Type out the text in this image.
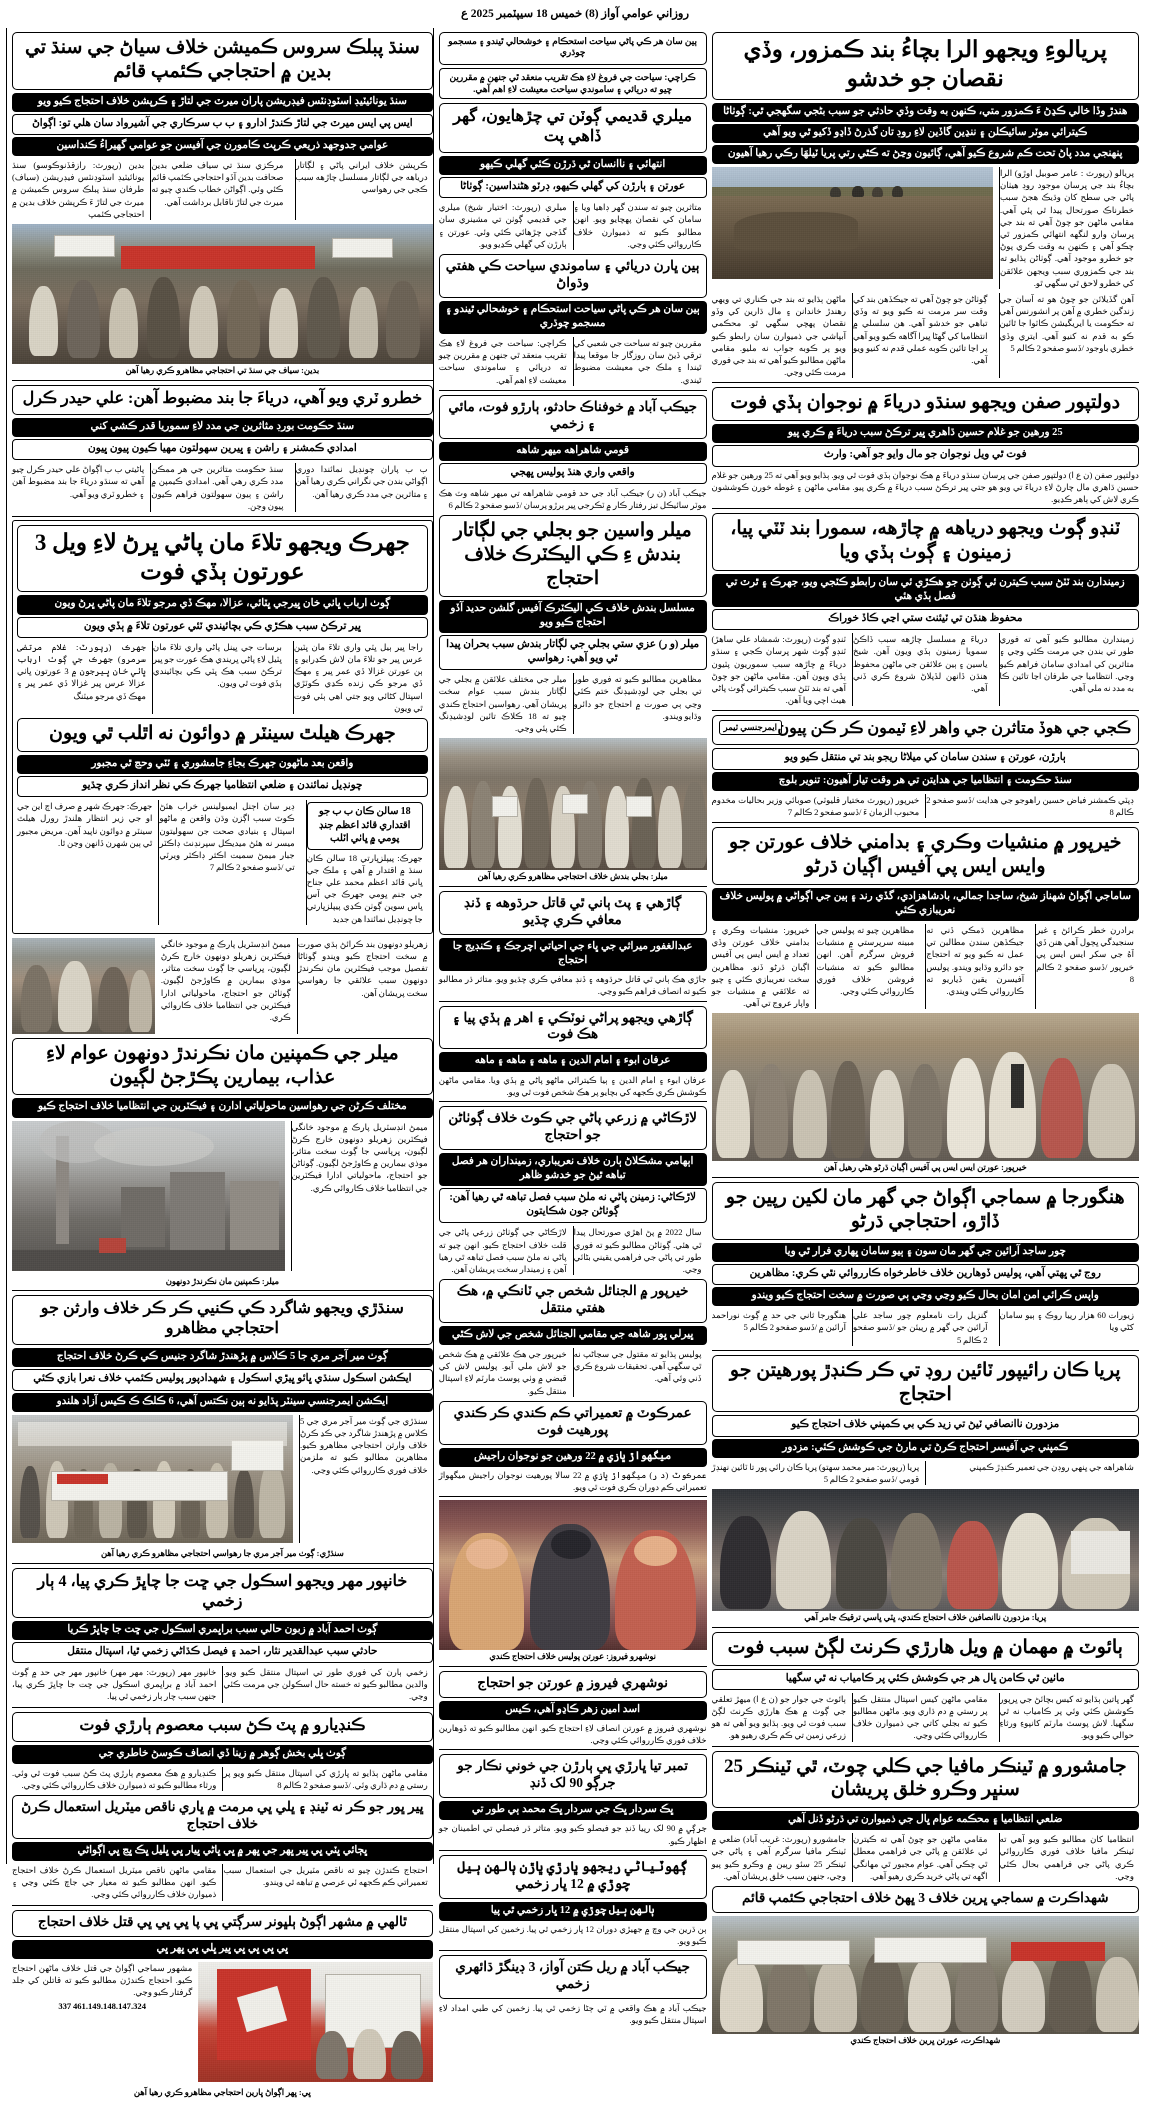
روزاني عوامي آواز (8) خميس 18 سيپٽمبر 2025 ع
سنڌ پبلڪ سروس ڪميشن خلاف سياڻ جي سنڌ تي بدين ۾ احتجاجي ڪئمپ قائم
سنڌ يونائيٽيڊ اسٽوڊنٽس فيڊريشن پاران ميرٽ جي لتاڙ ۽ ڪرپشن خلاف احتجاج ڪيو ويو
ايس پي ايس ميرٽ جي لتاڙ ڪندڙ ادارو ۽ ب ب سرڪاري جي آشيرواد سان هلي تو: اڳواڻ
عوامي جدوجهد ذريعي ڪرپٽ ڪامورن جي آفيسن جو عوامي گهيراءُ ڪنداسين
بدين (رپورٽ: رازقڏنوڪوسو) سنڌ يونائيٽيڊ اسٽوڊنٽس فيڊريشن (سياف) طرفان سنڌ پبلڪ سروس ڪميشن ۾ ميرٽ جي لتاڙ ءَ ڪرپشن خلاف بدين ۾ احتجاجي ڪئمپ
مرڪزي سنڌ تي سياف ضلعي بدين صحافت بدين آڏو احتجاجي ڪئمپ قائم ڪئي وئي. اڳواڻن خطاب ڪندي چيو ته ميرٽ جي لتاڙ ناقابل برداشت آهي.
ڪرپشن خلاف ايراني پاڻي ۽ لڳاتار درياهه جي لڳاتار مسلسل چاڙهه سبب ڪجي جي رهواسي
بدين: سياف جي سنڌ تي احتجاجي مظاهرو ڪري رهيا آهن
خطرو ٽري ويو آهي، درياءَ جا بند مضبوط آهن: علي حيدر ڪرل
سنڌ حڪومت بورڊ مثاثرين جي مدد لاءِ سموريا قدر ڪشي کني
امدادي ڪمشنر ۽ راشن ۽ ڀيرين سهولتون مهيا ڪيون پيون ڀيون
پاڻيتي ب ب اڳواڻ علي حيدر ڪرل چيو آهي ته سنڌو درياءَ جا بند مضبوط آهن ۽ خطرو ٽري ويو آهي.
سنڌ حڪومت متاثرين جي هر ممڪن مدد ڪري رهي آهي. امدادي ڪيمپن ۾ راشن ۽ ٻيون سهولتون فراهم ڪيون پيون وڃن.
ب ب پاران چونڊيل نمائندا دوري اڳواڻي بندن جي نگراني ڪري رهيا آهن ۽ متاثرين جي مدد ڪري رهيا آهن.
جهرڪ ويجهو تلاءَ مان پاڻي ڀرڻ لاءِ ويل 3 عورتون ٻڏي فوت
ڳوٺ ارباب ڀاٺي خان ڀيرجي ڀٽائي، عزالا، مهڪ ڏي مرجو تلاءَ مان پاڻي ڀرڻ ويون
ڀير ترڪڻ سبب هڪڙي ڪي بچائيندي ٽئي عورتون تلاءَ ۾ ٻڏي ويون
جهرڪ (رپورٽ: غلام مرتضى سرمرو) جهرڪ جي ڳوٺ ارباب ڀاٺي خان ڀيرجون ۾ 3 عورتون ڀاٺي عزالا عرس ڀير غزالا ڏي عمر ڀير ۽ مهڪ ڏي مرجو ميٽنگ
برسات جي ڀينل پاڻي واري تلاءَ مان ڀٽيل لاءِ پاڻي ڀريندي هڪ عورت جو ڀير ترڪڻ سبب هڪ ڀٽي ڪي بچائيندي ٻڏي فوت ٿي ويون.
راجا ڀير ٻيل ڀٽي واري تلاءَ مان ڀٽين عرس ڀير جو تلاءَ مان لاش ڪڍرايو ۽ ٻن عورتن غزالا ڏي عمر ڀير ۽ مهڪ ڏي مرجو ڪي زنده ڪڍي ڪوٽڙي اسپتال کڻائي ويو جتي اهي ٻئي فوت ٿي ويون
جهرڪ هيلٿ سينٽر ۾ دوائون نه اٿلب ٿي ويون
واقعن بعد ماڻهون جهرڪ بجاءِ جامشوري ۽ ٽٽي وحڃ ٿي مجبور
چونڊيل نمائندن ۽ ضلعي انتظاميا جهرڪ ڪي نظر انداز ڪري چڌيو
جهرڪ: جهرڪ شهر ۾ صرف اڄ اين جي او جي زير انتظار هلندڙ رورل هيلٿ سينٽر ۾ دوائون ناپيد آهن. مريض مجبور ٿي ٻين شهرن ڏانهن وڃن ٿا.
ڊير سان اڄنل ايمبولينس خراب هئڻ ڪوٽ سبب اڳزن وڌن واقعن ۾ ماڻهو اسپتال ۽ بنيادي صحت جن سهوليتون ميسر نه هئڻ ميديڪل سپرنڊنٽ ڊاڪٽر جبار ميمڻ سميت اڪثر ڊاڪٽر ويرٽي تي /ڏسو صفحو 2 ڪالم 7
18 سالن ڪان ب ب جو اقتداري قائد اعظم جنڊ پومي ۾ ڀاٺي اٽلب
جهرڪ: پيپلزڀارتي 18 سالن ڪان سنڌ ۾ اقتدار ۾ آهي ۽ ملڪ جي ڀاني قائد اعظم محمد علي جناح جي جنم ڀومي جهرڪ جي آس ڀاس سوين ڳوٺن ڪڍي پيپلزڀارتي جا چونڊيل نمائندا هن جديد

ميمڻ انڊسٽريل پارڪ ۾ موجود خانگي فيڪٽرين زهريلو دونهون خارج ڪرڻ لڳيون، ڀرپاسي جا ڳوٺ سخت متاثر، موذي بيمارين ۾ ڪاوڙجڻ لڳيون. ڳوٺاڻن جو احتجاج، ماحولياتي ادارا فيڪٽرين جي انتظاميا خلاف ڪاروائي ڪري.

زهريلو دونهون بند ڪرائڻ ٻڌي صورت ۾ سخت احتجاج ڪيو ويندو ڳوٺاڻا تفصيل موجب فيڪٽرين مان نڪرندڙ دونهون سبب علائقي جا رهواسي سخت پريشان آهن.
ميلر جي ڪمپنين مان نڪرندڙ دونهون عوام لاءِ عذاب، بيمارين پڪڙجڻ لڳيون
مختلف ڪرڻن جي رهواسين ماحولياتي ادارن ۽ فيڪٽرين جي انتظاميا خلاف احتجاج ڪيو
ميمڻ انڊسٽريل پارڪ ۾ موجود خانگي فيڪٽرين زهريلو دونهون خارج ڪرڻ لڳيون، ڀرپاسي جا ڳوٺ سخت متاثر، موذي بيمارين ۾ ڪاوڙجڻ لڳيون. ڳوٺاڻن جو احتجاج، ماحولياتي ادارا فيڪٽرين جي انتظاميا خلاف ڪاروائي ڪري.
ميلر: ڪمپنين مان نڪرندڙ دونهون
سنڌڙي ويجهو شاگرد ڪي ڪنيي ڪر ڪر خلاف وارثن جو احتجاجي مظاهرو
ڳوٺ مير آجر مري جا 5 ڪلاس ۾ پڙهندڙ شاگرد جنيس ڪي ڪرڻ خلاف احتجاج
ايڪشن اسڪول سنڌي ڀائو ڀيڙي اسڪول ۽ شهدادپور پوليس ڪئمپ خلاف نعرا بازي ڪئي
ايڪشن ايمرجنسي سينٽر پڌايو نه ٻين نڪتس آهي، 6 ڪلڪ ڪ ڪيس آزاد هلندو
سنڌڙي جي ڳوٺ مير آجر مري جي 5 ڪلاس ۾ پڙهندڙ شاگرد جي ڪڍ ڪرڻ خلاف وارثن احتجاجي مظاهرو ڪيو. مظاهرين مطالبو ڪيو ته ملزمن خلاف فوري ڪارروائي ڪئي وڃي.
سنڌڙي: ڳوٺ مير آجر مري جا رهواسي احتجاجي مظاهرو ڪري رهيا آهن
خانپور مهر ويجهو اسڪول جي ڇت جا چاڀڙ ڪري پيا، 4 ٻار زخمي
ڳوٺ احمد آباد ۾ زبون حالي سبب براڀمري اسڪول جي ڇت جا چاڀڙ ڪريا
حادثي سبب عبدالقدير نثار، احمد ۽ فيصل ڪڌاڻي زخمي ٿيا، اسپتال منتقل
خانپور مهر (رپورٽ: مهر مهر) خانپور مهر جي حد ۾ ڳوٺ احمد آباد ۾ براڀمري اسڪول جي ڇت جا چاڀڙ ڪري پيا، جنهن سبب چار ٻار زخمي ٿي پيا.
زخمي ٻارن کي فوري طور تي اسپتال منتقل ڪيو ويو. والدين مطالبو ڪيو ته خسته حال اسڪولن جي مرمت ڪئي وڃي.
ڪنڊيارو ۾ پٽ ڪڻ سبب معصوم ٻارڙي فوت
ڳوٺ ڀلي بخش ڳوهر ۾ زينا ڏي انصاف ڪوسڻ خاطري جي
ڪنڊيارو ۾ هڪ معصوم ٻارڙي پٽ ڪڻ سبب فوت ٿي وئي. ورثاء مطالبو ڪيو ته ذميوارن خلاف ڪارروائي ڪئي وڃي.
مقامي ماڻهن ٻڌايو ته ڀارڙي کي اسپتال منتقل ڪيو ويو پر رستي ۾ دم ڌاري وئي. /ڏسو صفحو 2 ڪالم 8
ڀير ڀور جو ڪر نه ٽينڊ ۽ ڀلي ڀي مرمت ۾ ڀاري ناقص ميٽريل استعمال ڪرڻ خلاف احتجاج
ڀڄائي ڀٽي ڀي ڀير ڀهر جي ڀهر ۾ ڀي ڀاڻي ڀيار ڀي ڀليل ڀڪ ڀڃ ڀي اڳواڻي
مقامي ماڻهن ناقص ميٽريل استعمال ڪرڻ خلاف احتجاج ڪيو. انهن مطالبو ڪيو ته معيار جي جاچ ڪئي وڃي ۽ ذميوارن خلاف ڪارروائي ڪئي وڃي.
احتجاج ڪندڙن چيو ته ناقص مٽيريل جي استعمال سبب تعميراتي ڪم ڪجهه ئي عرصي ۾ تباهه ٿي ويندو.
ٿالهي ۾ مشهر اڳوڻ ٻلڀونر سرڳتي ڀي پا ڀي ڀي ڀي قتل خلاف احتجاج
ڀي ڀي ڀي ڀي ڀير ڀلي ڀي ڀهر ڀي

مشهور سماجي اڳواڻ جي قتل خلاف ماڻهن احتجاج ڪيو. احتجاج ڪندڙن مطالبو ڪيو ته قاتلن کي جلد گرفتار ڪيو وڃي.

461.149.148.147.324 337

ڀي: ڀهر اڳواڻ ڀارين احتجاجي مظاهرو ڪري رهيا آهن
ٻين سان هر ڪي پاڻي سياحت استحڪام ۽ خوشحالي ٿيندو ۽ مسجمو چوڌري
ڪراچي: سياحت جي فروغ لاءِ هڪ تقريب منعقد ٿي جنهن ۾ مقررين چيو ته دريائي ۽ ساموندي سياحت معيشت لاءِ اهم آهي.
ميلري قديمي ڳوٽن تي چڙهايون، گهر ڏاهي پت
انتهائي ۽ ناانسان ٿي ڌرڙن ڪئي گهلي ڪيهو
عورتن ۽ ٻارڙن کي گهلي ڪيهو، ڊرٽو هڻنداسين: ڳوٺاڻا
ميلري (رپورٽ: اختيار شيخ) ميلري جي قديمي ڳوٺن تي مشينري سان گڏجي چڙهائي ڪئي وئي. عورتن ۽ ٻارڙن کي گهلي ڪڍيو ويو.
متاثرين چيو ته سندن گهر ڊاهيا ويا ۽ سامان کي نقصان پهچايو ويو. انهن مطالبو ڪيو ته ذميوارن خلاف ڪارروائي ڪئي وڃي.
ٻين ڀارن دريائي ۽ ساموندي سياحت ڪي هفتي وڌواڻ
ٻين سان هر ڪي پاڻي سياحت استحڪام ۽ خوشحالي ٿيندو ۽ مسجمو چوڌري
ڪراچي: سياحت جي فروغ لاءِ هڪ تقريب منعقد ٿي جنهن ۾ مقررين چيو ته دريائي ۽ ساموندي سياحت معيشت لاءِ اهم آهي.
مقررين چيو ته سياحت جي شعبي کي ترقي ڏيڻ سان روزگار جا موقعا پيدا ٿيندا ۽ ملڪ جي معيشت مضبوط ٿيندي.
جيڪب آباد ۾ خوفناڪ حادثو، ٻارڙو فوت، مائي ۽ زخمي
قومي شاهراهه ميهر شاهه
واقعي واري هنڌ پوليس ڀهجي
جيڪب آباد (ن ر) جيڪب آباد جي حد قومي شاهراهه تي ميهر شاهه وٽ هڪ موٽر سائيڪل تيز رفتار ڪار ۾ ٽڪرجي ڀير ٻرڙو پرسان /ڏسو صفحو 2 ڪالم 6
ميلر واسين جو بجلي جي لڳاتار بندش ءِ ڪي اليڪٽرڪ خلاف احتجاج
مسلسل بندش خلاف ڪي اليڪٽرڪ آفيس گلشن حديد آڏو احتجاج ڪيو ويو
ميلر (و ر) عزي ستي بجلي جي لڳاتار بندش سبب بحران پيدا ٿي ويو آهي: رهواسي
ميلر جي مختلف علائقن ۾ بجلي جي لڳاتار بندش سبب عوام سخت پريشان آهي. رهواسين احتجاج ڪندي چيو ته 18 ڪلاڪ تائين لوڊشيڊنگ ڪئي پئي وڃي.
مظاهرين مطالبو ڪيو ته فوري طور تي بجلي جي لوڊشيڊنگ ختم ڪئي وڃي ٻي صورت ۾ احتجاج جو دائرو وڌايو ويندو.
ميلر: بجلي بندش خلاف احتجاجي مظاهرو ڪري رهيا آهن
ڳاڙهي ۽ پٽ ٻاني ٿي قاتل حرڌوهه ۽ ڏنڊ معافي ڪري چڌيو
عبدالغفور ميراثي جي ڀاء جي احياتي اچرجڪ ۽ ڪنڊيج جا احتجاج
جاڙي هڪ ٻاني ٿي قاتل حرڌوهه ۽ ڏنڊ معافي ڪري چڌيو ويو. متاثر ڌر مطالبو ڪيو ته انصاف فراهم ڪيو وڃي.
ڳاڙهي ويجهو پراڻي نوٽڪي ۽ اهر ۾ ٻڏي پيا ۽ هڪ فوت
عرفان ابوء ۽ امام الدين ۽ ماهه ۽ ماهه ۽ ماهه
عرفان ابوء ۽ امام الدين ۽ ٻيا ڪيترائي ماڻهو پاڻي ۾ ٻڏي ويا. مقامي ماڻهن ڪوشش ڪري ڪجهه کي بچايو پر هڪ شخص فوت ٿي ويو.
لاڙڪاڻي ۾ زرعي پاڻي جي ڪوٽ خلاف ڳوٺاڻن جو احتجاج
اٻهامي مشڪلاڻ ٻارن خلاف نعريباري، زمينداران هر فصل تباهه ٿيڻ جو خدشو ظاهر
لاڙڪاڻي: زمينن پاڻي نه ملڻ سبب فصل تباهه ٿي رهيا آهن: ڳوٺاڻن جون شڪايتون
لاڙڪاڻي جي ڳوٺاڻن زرعي پاڻي جي قلت خلاف احتجاج ڪيو. انهن چيو ته پاڻي نه ملڻ سبب فصل تباهه ٿي رهيا آهن ۽ زميندار سخت پريشان آهن.
سال 2022 ۾ پڻ اهڙي صورتحال پيدا ٿي هئي. ڳوٺاڻن مطالبو ڪيو ته فوري طور تي پاڻي جي فراهمي يقيني بڻائي وڃي.
خيرپور ۾ الجنائل شخص جي ٽانڪي ۾، هڪ هفتي منتقل
ڀيرلي ڀور شاهه جي مقامي الجنائل شخص جي لاش ڪٿي
خيرپور جي هڪ علائقي ۾ هڪ شخص جو لاش ملي آيو. پوليس لاش کي قبضي ۾ وٺي پوسٽ مارٽم لاءِ اسپتال منتقل ڪيو.
پوليس ٻڌايو ته مقتول جي سڃاڻپ نه ٿي سگهي آهي. تحقيقات شروع ڪري ڏني وئي آهي.
عمرڪوٽ ۾ تعميراتي ڪم ڪندي ڪر ڪندي پورهيت فوت
ميگهواڙ ڀازي ۾ 22 ورهين جو نوجوان راجيش
عمرڪوٽ (د ر) ميگهواڙ ڀازي ۾ 22 سالا پورهيت نوجوان راجيش ميگهواڙ تعميراتي ڪم دوران ڪري فوت ٿي ويو.
نوشهرو فيروز: عورتن پوليس خلاف احتجاج ڪندي
نوشهري فيروز ۾ عورتن جو احتجاج
اسد امين زهر ڪاڍو آهي، ڪيس
نوشهري فيروز ۾ عورتن انصاف لاءِ احتجاج ڪيو. انهن مطالبو ڪيو ته ڏوهارين خلاف فوري ڪارروائي ڪئي وڃي.
تمبر تيا ڀارڙي ڀي ٻارڙن جي خوني نڪار جو جرڳو 90 لک ڏنڊ
ڀڪ سردار ڀڪ جي سردار ڀڪ محمد ٻي طور تي
جرڳي ۾ 90 لک رپيا ڏنڊ جو فيصلو ڪيو ويو. متاثر ڌر فيصلي تي اطمينان جو اظهار ڪيو.
ڳهوٽياڻي ريجهو ڀارڙي ڀاڙن ٻالهن ٻيل چوڙي ۾ 12 ڀار زخمي
ٻالهن ٻيل چوڙي ۾ 12 ڀار زخمي ٿي پيا
ٻن ڌرين جي وچ ۾ جهيڙي دوران 12 ڀار زخمي ٿي پيا. زخمين کي اسپتال منتقل ڪيو ويو.
جيڪب آباد ۾ ريل ڪتن آواز، 3 ڊينگڙ ڌائهري زخمي
جيڪب آباد ۾ هڪ واقعي ۾ ٽي ڄڻا زخمي ٿي پيا. زخمين کي طبي امداد لاءِ اسپتال منتقل ڪيو ويو.
پريالوءِ ويجهو الرا بچاءُ بند ڪمزور، وڏي نقصان جو خدشو
هندڙ وڏا خالي ڪڍڻ ءَ ڪمزور متي، ڪنهن به وقت وڏي حادثي جو سبب بڻجي سگهجي ٿي: ڳوٺاڻا
ڪيترائي موٽر سائيڪلن ۽ ننڍين گاڏين لاءِ روڊ تان گذرڻ ڏاڍو ڏکيو ٿي ويو آهي
پنهنجي مدد پاڻ تحت ڪم شروع ڪيو آهي، ڳائيون وڃڻ ته ڪٿي رتي پريا ٽيلهَا رڪي رهيا آهيون
پريالو (رپورٽ : عامر صوبيل اوڙو) الرا بچاءُ بند جي ڀرسان موجود روڊ هيٺان پاڻي جي سطح کان وڌيڪ هجڻ سبب خطرناڪ صورتحال پيدا ٿي پئي آهي. مقامي ماڻهن جو چوڻ آهي ته بند جي ڀرسان وارو لنگهه انتهائي ڪمزور ٿي چڪو آهي ۽ ڪنهن به وقت ڪري پوڻ جو خطرو موجود آهي. ڳوٺاڻن ٻڌايو ته بند جي ڪمزوري سبب ويجهن علائقن کي خطرو لاحق ٿي سگهي ٿو.
ماڻهن ٻڌايو ته بند جي ڪناري تي ويهي رهندڙ خاندانن ۽ مال ڌارين کي وڏو نقصان پهچي سگهي ٿو. محڪمي آبپاشي جي ذميوارن سان رابطو ڪيو ويو پر ڪوبه جواب نه مليو. مقامي ماڻهن مطالبو ڪيو آهي ته بند جي فوري مرمت ڪئي وڃي.
ڳوٺاڻن جو چوڻ آهي ته جيڪڏهن بند کي وقت سر مرمت نه ڪيو ويو ته وڏي تباهي جو خدشو آهي. هن سلسلي ۾ انتظاميا کي گهڻا ڀيرا آگاهه ڪيو ويو آهي پر اڃا تائين ڪوبه عملي قدم نه کنيو ويو آهي.
آهن گڏيلائن جو چوڻ هو ته آسان جي زندگين خطري ۾ آهن پر انشورنس آهي ته حڪومت يا ايريگيشن ڪاٽوا جا ٿائين ڪو به قدم نه کنيو آهي. ايتري وڏي خطري باوجود /ڏسو صفحو 2 ڪالم 5
دولتپور صفن ويجهو سنڌو درياءَ ۾ نوجوان ٻڏي فوت
25 ورهين جو غلام حسين ڌاهري ڀير ترڪڻ سبب درياءَ ۾ ڪري پيو
فوت ٿي ويل نوجوان جو مال وايو جو آهي: وارث
دولتپور صفن (ن ع ا) دولتپور صفن جي ڀرسان سنڌو درياءَ ۾ هڪ نوجوان ٻڏي فوت ٿي ويو. ٻڌايو ويو آهي ته 25 ورهين جو غلام حسين ڌاهري مال چارڻ لاءِ درياءَ تي ويو هو جتي ڀير ترڪڻ سبب درياءَ ۾ ڪري پيو. مقامي ماڻهن ۽ غوطه خورن ڪوششون ڪري لاش کي ٻاهر ڪڍيو.
ٽنڊو ڳوٺ ويجهو درياهه ۾ چاڙهه، سمورا بند ٽٽي پيا، زمينون ۽ ڳوٺ ٻڏي ويا
زميندارن بند ٽٽڻ سبب ڪيترن ئي ڳوٺن جو هڪڙي ئي سان رابطو ڪٽجي ويو، جهرڪ ۽ ٿرٽ تي فصل ٻڏي هئي
محفوظ هنڌن تي ٽيئنٽ ستي اڃي ڪاڏ خوراڪ
ٽنڊو ڳوٺ (رپورٽ: شمشاد علي ساهڙ) ٽنڊو ڳوٺ شهر ڀرسان ڪجي ۽ سنڌو درياءَ ۾ چاڙهه سبب سموريون پٽيون ٻڏي ويون آهن. مقامي ماڻهن جو چوڻ آهي ته بند ٽٽڻ سبب ڪيترائي ڳوٺ پاڻي هيٺ اچي ويا آهن.
درياءَ ۾ مسلسل چاڙهه سبب ڏاڪڻ سمويا زمينون ٻڏي ويون آهن. شيخ ياسين ۽ ٻين علائقن جي ماڻهن محفوظ هنڌن ڏانهن لڏپلاڻ شروع ڪري ڏني آهي.
زميندارن مطالبو ڪيو آهي ته فوري طور تي بندن جي مرمت ڪئي وڃي ۽ متاثرين کي امدادي سامان فراهم ڪيو وڃي. انتظاميا جي طرفان اڃا تائين ڪا به مدد نه ملي آهي.
ڪجي جي هوڏ متاثرن جي واهر لاءِ ٽيمون ڪر ڪن پيون
ايمرجنسي ٽيمر
ٻارڙن، عورتن ۽ سندن سامان کي ميلاڻا ريجو بند تي منتقل ڪيو ويو
سنڌ حڪومت ۽ انتظاميا جي هدايتن تي هر وقت تيار آهيون: تنوير بلوچ
خيرپور (رپورٽ مختيار قليوٽي) صوبائي وزير بحاليات مخدوم محبوب الزمان ءَ /ڏسو صفحو 2 ڪالم 7
ڊپٽي ڪمشنر فياض حسين راهوجو جي هدايت /ڏسو صفحو 2 ڪالم 8
خيرپور ۾ منشيات وڪري ۽ بدامني خلاف عورتن جو وايس ايس پي آفيس اڳيان ڌرڻو
ساماجي اڳواڻ شهناز شيخ، ساجدا جمالي، بادشاهزادي، گڏي رند ۽ ٻين جي اڳواڻي ۾ پوليس خلاف نعريبازي ڪئي
خيرپور: منشيات وڪري ۽ بدامني خلاف عورتن وڏي تعداد ۾ ايس ايس پي آفيس اڳيان ڌرڻو ڏنو. مظاهرين سخت نعريبازي ڪئي ۽ چيو ته علائقي ۾ منشيات جو واپار عروج تي آهي.
مظاهرين چيو ته پوليس جي مبينه سرپرستي ۾ منشيات فروش سرگرم آهن. انهن مطالبو ڪيو ته منشيات فروشن خلاف فوري ڪارروائي ڪئي وڃي.
مظاهرين ڌمڪي ڏني ته جيڪڏهن سندن مطالبن تي عمل نه ڪيو ويو ته احتجاج جو دائرو وڌايو ويندو. پوليس آفيسرن يقين ڏياريو ته ڪارروائي ڪئي ويندي.
برادرن خطر ڪرائڻ ۽ غير سنجيدگي ڀڄول آهي هنن ڏي اَهُ جي سکر ايس ايس پي خيرپور /ڏسو صفحو 2 ڪالم 8
خيرپور: عورتن ايس ايس پي آفيس اڳيان ڌرڻو هڻي رهيل آهن
هنگورجا ۾ سماجي اڳواڻ جي گهر مان لکين رپين جو ڏاڙو، احتجاجي ڌرڻو
چور ساجد آرائين جي گهر مان سون ۽ ٻيو سامان ڀهاري فرار ٿي ويا
روج ٿي ڀهتي آهي، پوليس ڏوهارين خلاف خاطرخواه ڪارروائي نٿي ڪري: مظاهرين
واپس ڪرائي امن امان بحال ڪيو وڃي وڃي ٻي صورت ۾ سخت احتجاج ڪيو ويندو
هنگورجا ثاني جي حد ۾ ڳوٺ نوراحمد آرائين ۾ /ڏسو صفحو 2 ڪالم 5
گنزيل رات نامعلوم چور ساجد علي آرائين جي گهر ۾ رپيئن جو /ڏسو صفحو 2 ڪالم 5
زيورات 60 هزار رپيا روڪ ۽ ٻيو سامان کڻي ويا
پريا ڪان رائيپور ٽائين روڊ تي ڪر ڪنڊڙ پورهيتن جو احتجاج
مزدورن ناانصافي ٽيڻ تي زيد ڪي بي ڪمپني خلاف احتجاج ڪيو
ڪمپني جي آفيسر احتجاج ڪرڻ تي مارڻ جي ڪوشش ڪئي: مزدور
پريا (رپورٽ: مير محمد سهتو) پريا ڪان رائي ڀور تا ٽائين نهنڊڙ قومي /ڏسو صفحو 2 ڪالم 5
شاهراهه جي ڀنهي روڊن جي تعمير ڪنڊڙ ڪمپني
پريا: مزدورن ناانصافين خلاف احتجاج ڪندي، ڀٽي ڀاسي ترقيڪ جامر آهي
ٻائوٽ ۾ مهمان ۾ ويل هارڙي ڪرنٽ لڳڻ سبب فوت
ماٺين ٿي ڪامن ڀال هر جي ڪوشش ڪئي پر ڪامياب نه ٿي سگهيا
ٻائوٽ جي جوار جو (ن ع ا) ميهڙ تعلقي جي ڳوٺ ۾ هڪ هارڙي ڪرنٽ لڳڻ سبب فوت ٿي ويو. ٻڌايو ويو آهي ته هو زرعي زمين تي ڪم ڪري رهيو هو.
مقامي ماڻهن کيس اسپتال منتقل ڪيو پر رستي ۾ دم ڌاري ويو. ماڻهن مطالبو ڪيو ته بجلي کاتي جي ذميوارن خلاف ڪارروائي ڪئي وڃي.
گهر ڀاتين ٻڌايو ته کيس بچائڻ جي ڀرپور ڪوشش ڪئي وئي پر ڪامياب نه ٿي سگهيا. لاش پوسٽ مارٽم کانپوءِ ورثاءِ حوالي ڪيو ويو.
جامشورو ۾ ٽينڪر مافيا جي ڪلي چوٽ، ٿي ٽينڪر 25 سنڀر وڪرو خلق پريشان
ضلعي انتظاميا ۽ محڪمه عوام ڀال جي ذميوارن تي ڌرڻو ڏنل آهي
جامشورو (رپورٽ: غريب آباد) ضلعي ۾ ٽينڪر مافيا سرگرم آهي ۽ پاڻي جي ٽينڪر 25 سئو رپين ۾ وڪرو ڪيو پيو وڃي، جنهن سبب خلق پريشان آهي.
مقامي ماڻهن جو چوڻ آهي ته ڪيترن ئي علائقن ۾ پاڻي جي فراهمي معطل ٿي چڪي آهي. عوام مجبور ٿي مهانگي اگهه تي پاڻي خريد ڪري رهيو آهي.
انتظاميا کان مطالبو ڪيو ويو آهي ته ٽينڪر مافيا خلاف فوري ڪارروائي ڪري پاڻي جي فراهمي بحال ڪئي وڃي.
شهداڪرت ۾ سماجي ڀرين خلاف 3 ڀهڻ خلاف احتجاجي ڪئمپ قائم
شهداڪرت، عورتن ڀرين خلاف احتجاج ڪندي
